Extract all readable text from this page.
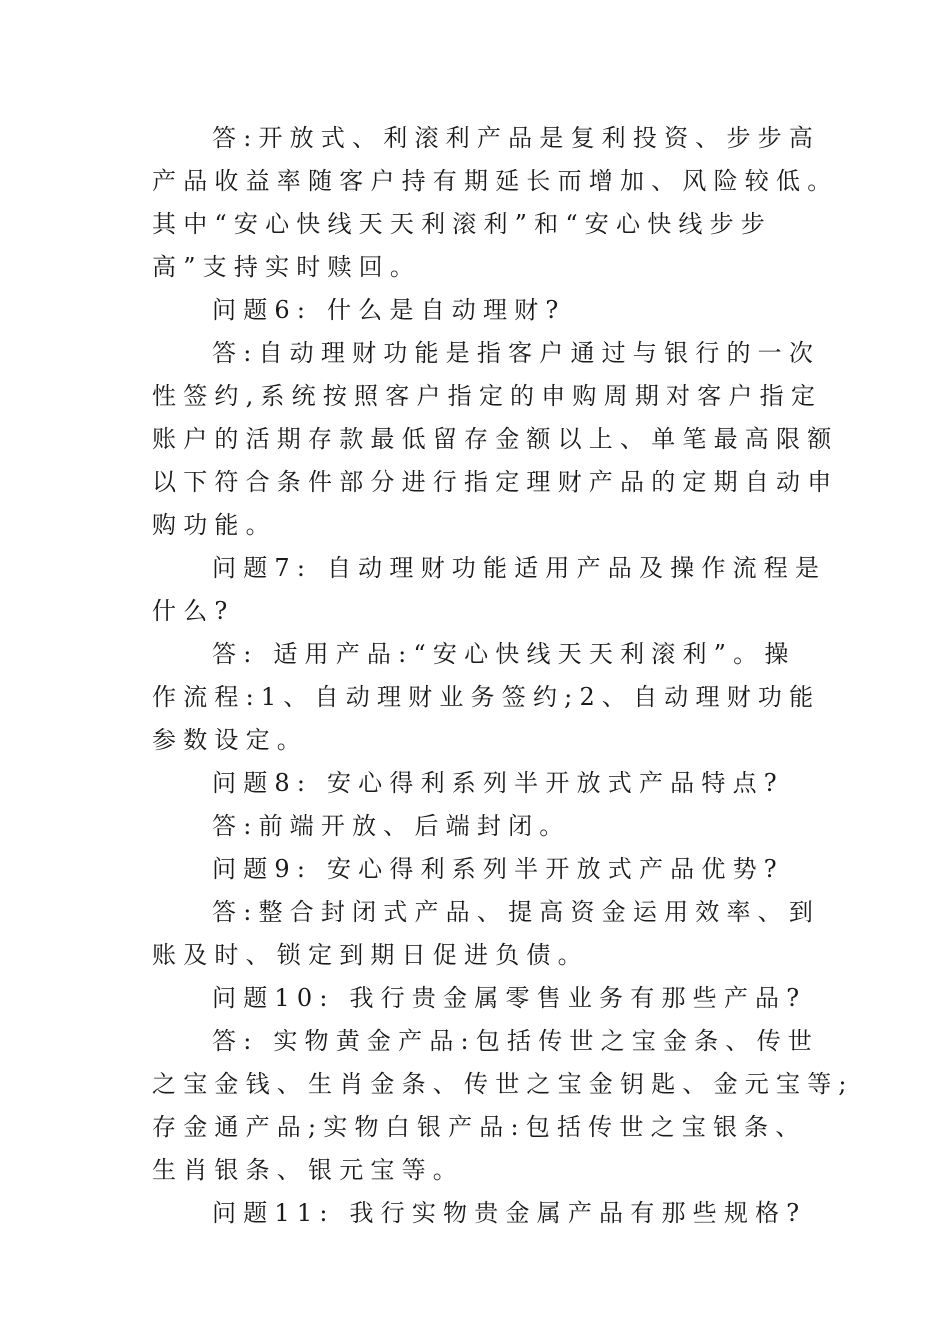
答:开放式、利滚利产品是复利投资、步步高
产品收益率随客户持有期延长而增加、风险较低。
其中“安心快线天天利滚利”和“安心快线步步
高”支持实时赎回。
问题6: 什么是自动理财?
答:自动理财功能是指客户通过与银行的一次
性签约,系统按照客户指定的申购周期对客户指定
账户的活期存款最低留存金额以上、单笔最高限额
以下符合条件部分进行指定理财产品的定期自动申
购功能。
问题7: 自动理财功能适用产品及操作流程是
什么?
答: 适用产品:“安心快线天天利滚利”。操
作流程:1、自动理财业务签约;2、自动理财功能
参数设定。
问题8: 安心得利系列半开放式产品特点?
答:前端开放、后端封闭。
问题9: 安心得利系列半开放式产品优势?
答:整合封闭式产品、提高资金运用效率、到
账及时、锁定到期日促进负债。
问题10: 我行贵金属零售业务有那些产品?
答: 实物黄金产品:包括传世之宝金条、传世
之宝金钱、生肖金条、传世之宝金钥匙、金元宝等;
存金通产品;实物白银产品:包括传世之宝银条、
生肖银条、银元宝等。
问题11: 我行实物贵金属产品有那些规格?
